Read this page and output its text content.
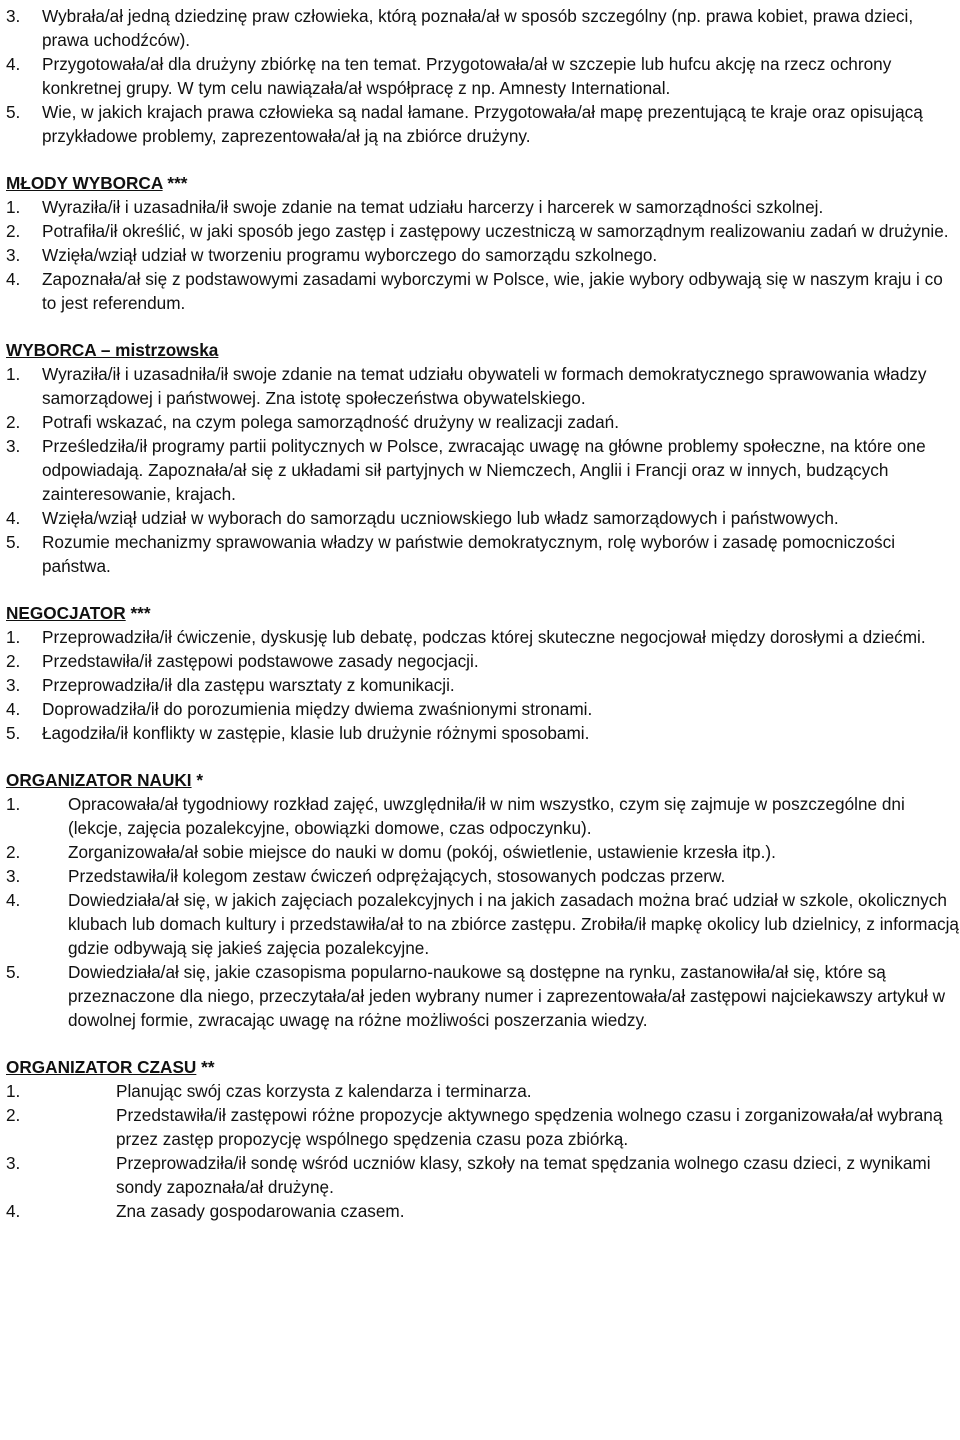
3. Wybrała/ał jedną dziedzinę praw człowieka, którą poznała/ał w sposób szczególny (np. prawa kobiet, prawa dzieci, prawa uchodźców).
4. Przygotowała/ał dla drużyny zbiórkę na ten temat. Przygotowała/ał w szczepie lub hufcu akcję na rzecz ochrony konkretnej grupy. W tym celu nawiązała/ał współpracę z np. Amnesty International.
5. Wie, w jakich krajach prawa człowieka są nadal łamane. Przygotowała/ał mapę prezentującą te kraje oraz opisującą przykładowe problemy, zaprezentowała/ał ją na zbiórce drużyny.
MŁODY WYBORCA ***
1. Wyraziła/ił i uzasadniła/ił swoje zdanie na temat udziału harcerzy i harcerek w samorządności szkolnej.
2. Potrafiła/ił określić, w jaki sposób jego zastęp i zastępowy uczestniczą w samorządnym realizowaniu zadań w drużynie.
3. Wzięła/wziął udział w tworzeniu programu wyborczego do samorządu szkolnego.
4. Zapoznała/ał się z podstawowymi zasadami wyborczymi w Polsce, wie, jakie wybory odbywają się w naszym kraju i co to jest referendum.
WYBORCA – mistrzowska
1. Wyraziła/ił i uzasadniła/ił swoje zdanie na temat udziału obywateli w formach demokratycznego sprawowania władzy samorządowej i państwowej. Zna istotę społeczeństwa obywatelskiego.
2. Potrafi wskazać, na czym polega samorządność drużyny w realizacji zadań.
3. Prześledziła/ił programy partii politycznych w Polsce, zwracając uwagę na główne problemy społeczne, na które one odpowiadają. Zapoznała/ał się z układami sił partyjnych w Niemczech, Anglii i Francji oraz w innych, budzących zainteresowanie, krajach.
4. Wzięła/wziął udział w wyborach do samorządu uczniowskiego lub władz samorządowych i państwowych.
5. Rozumie mechanizmy sprawowania władzy w państwie demokratycznym, rolę wyborów i zasadę pomocniczości państwa.
NEGOCJATOR ***
1. Przeprowadziła/ił ćwiczenie, dyskusję lub debatę, podczas której skuteczne negocjował między dorosłymi a dziećmi.
2. Przedstawiła/ił zastępowi podstawowe zasady negocjacji.
3. Przeprowadziła/ił dla zastępu warsztaty z komunikacji.
4. Doprowadziła/ił do porozumienia między dwiema zwaśnionymi stronami.
5. Łagodziła/ił konflikty w zastępie, klasie lub drużynie różnymi sposobami.
ORGANIZATOR NAUKI *
1.	Opracowała/ał tygodniowy rozkład zajęć, uwzględniła/ił w nim wszystko, czym się zajmuje w poszczególne dni (lekcje, zajęcia pozalekcyjne, obowiązki domowe, czas odpoczynku).
2.	Zorganizowała/ał sobie miejsce do nauki w domu (pokój, oświetlenie, ustawienie krzesła itp.).
3.	Przedstawiła/ił kolegom zestaw ćwiczeń odprężających, stosowanych podczas przerw.
4.	Dowiedziała/ał się, w jakich zajęciach pozalekcyjnych i na jakich zasadach można brać udział w szkole, okolicznych klubach lub domach kultury i przedstawiła/ał to na zbiórce zastępu. Zrobiła/ił mapkę okolicy lub dzielnicy, z informacją gdzie odbywają się jakieś zajęcia pozalekcyjne.
5.	Dowiedziała/ał się, jakie czasopisma popularno-naukowe są dostępne na rynku, zastanowiła/ał się, które są przeznaczone dla niego, przeczytała/ał jeden wybrany numer i zaprezentowała/ał zastępowi najciekawszy artykuł w dowolnej formie, zwracając uwagę na różne możliwości poszerzania wiedzy.
ORGANIZATOR CZASU **
1.	Planując swój czas korzysta z kalendarza i terminarza.
2.	Przedstawiła/ił zastępowi różne propozycje aktywnego spędzenia wolnego czasu i zorganizowała/ał wybraną przez zastęp propozycję wspólnego spędzenia czasu poza zbiórką.
3.	Przeprowadziła/ił sondę wśród uczniów klasy, szkoły na temat spędzania wolnego czasu dzieci, z wynikami sondy zapoznała/ał drużynę.
4.	Zna zasady gospodarowania czasem.
